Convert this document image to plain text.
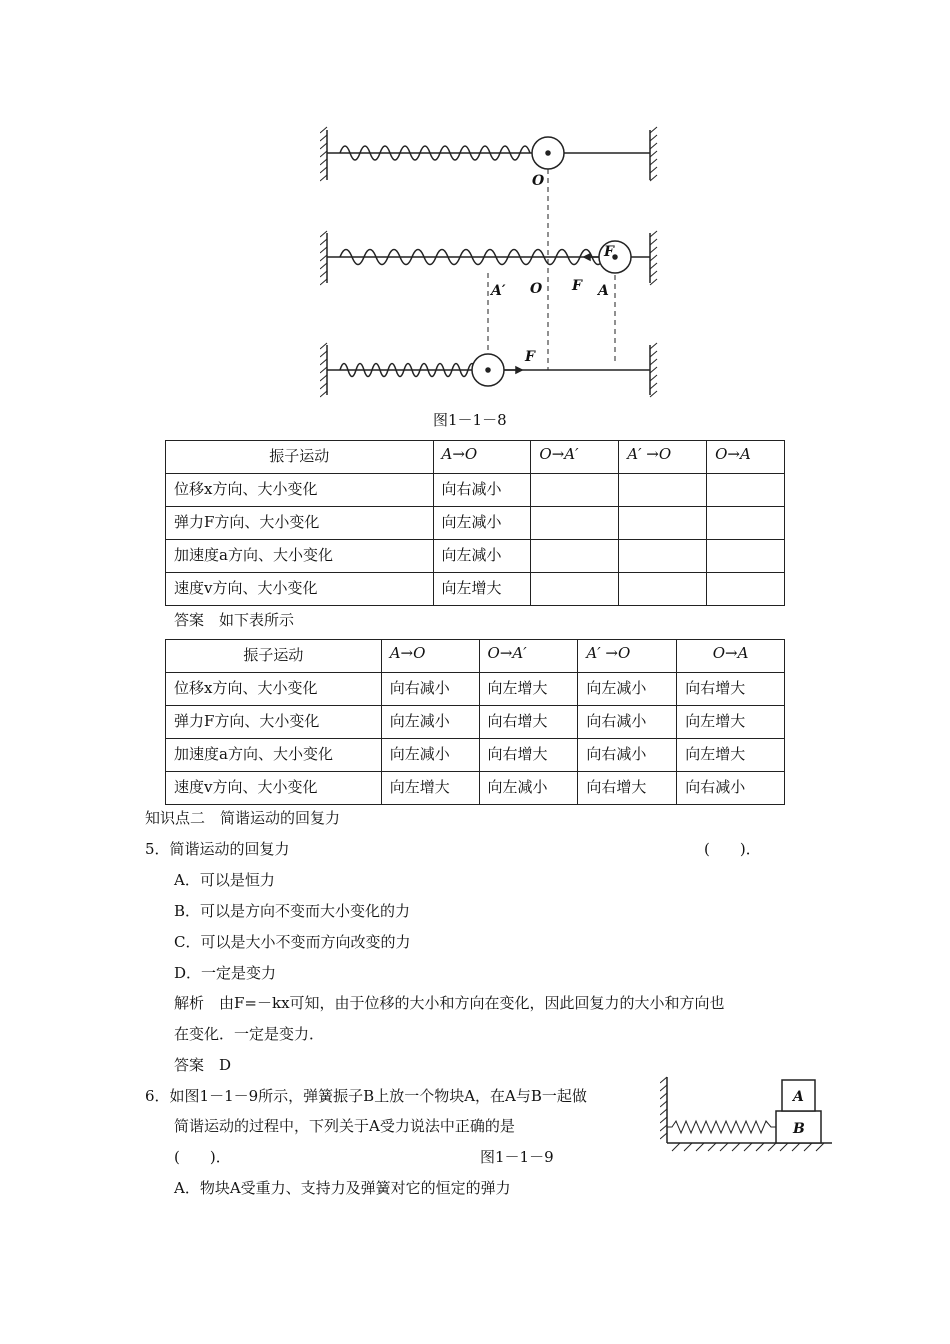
O
A′ O F A
F
F
图1－1－8
振子运动	A→O	O→A′	A′ →O	O→A
位移x方向、大小变化	向右减小			
弹力F方向、大小变化	向左减小			
加速度a方向、大小变化	向左减小			
速度v方向、大小变化	向左增大			
答案　如下表所示
振子运动	A→O	O→A′	A′ →O	O→A
位移x方向、大小变化	向右减小	向左增大	向左减小	向右增大
弹力F方向、大小变化	向左减小	向右增大	向右减小	向左增大
加速度a方向、大小变化	向左减小	向右增大	向右减小	向左增大
速度v方向、大小变化	向左增大	向左减小	向右增大	向右减小
知识点二　简谐运动的回复力
5．简谐运动的回复力	(　　)．
A．可以是恒力
B．可以是方向不变而大小变化的力
C．可以是大小不变而方向改变的力
D．一定是变力
解析　由F=－kx可知，由于位移的大小和方向在变化，因此回复力的大小和方向也
在变化．一定是变力．
答案　D
6．如图1－1－9所示，弹簧振子B上放一个物块A，在A与B一起做
简谐运动的过程中，下列关于A受力说法中正确的是
(　　)．	图1－1－9
A．物块A受重力、支持力及弹簧对它的恒定的弹力
A
B
